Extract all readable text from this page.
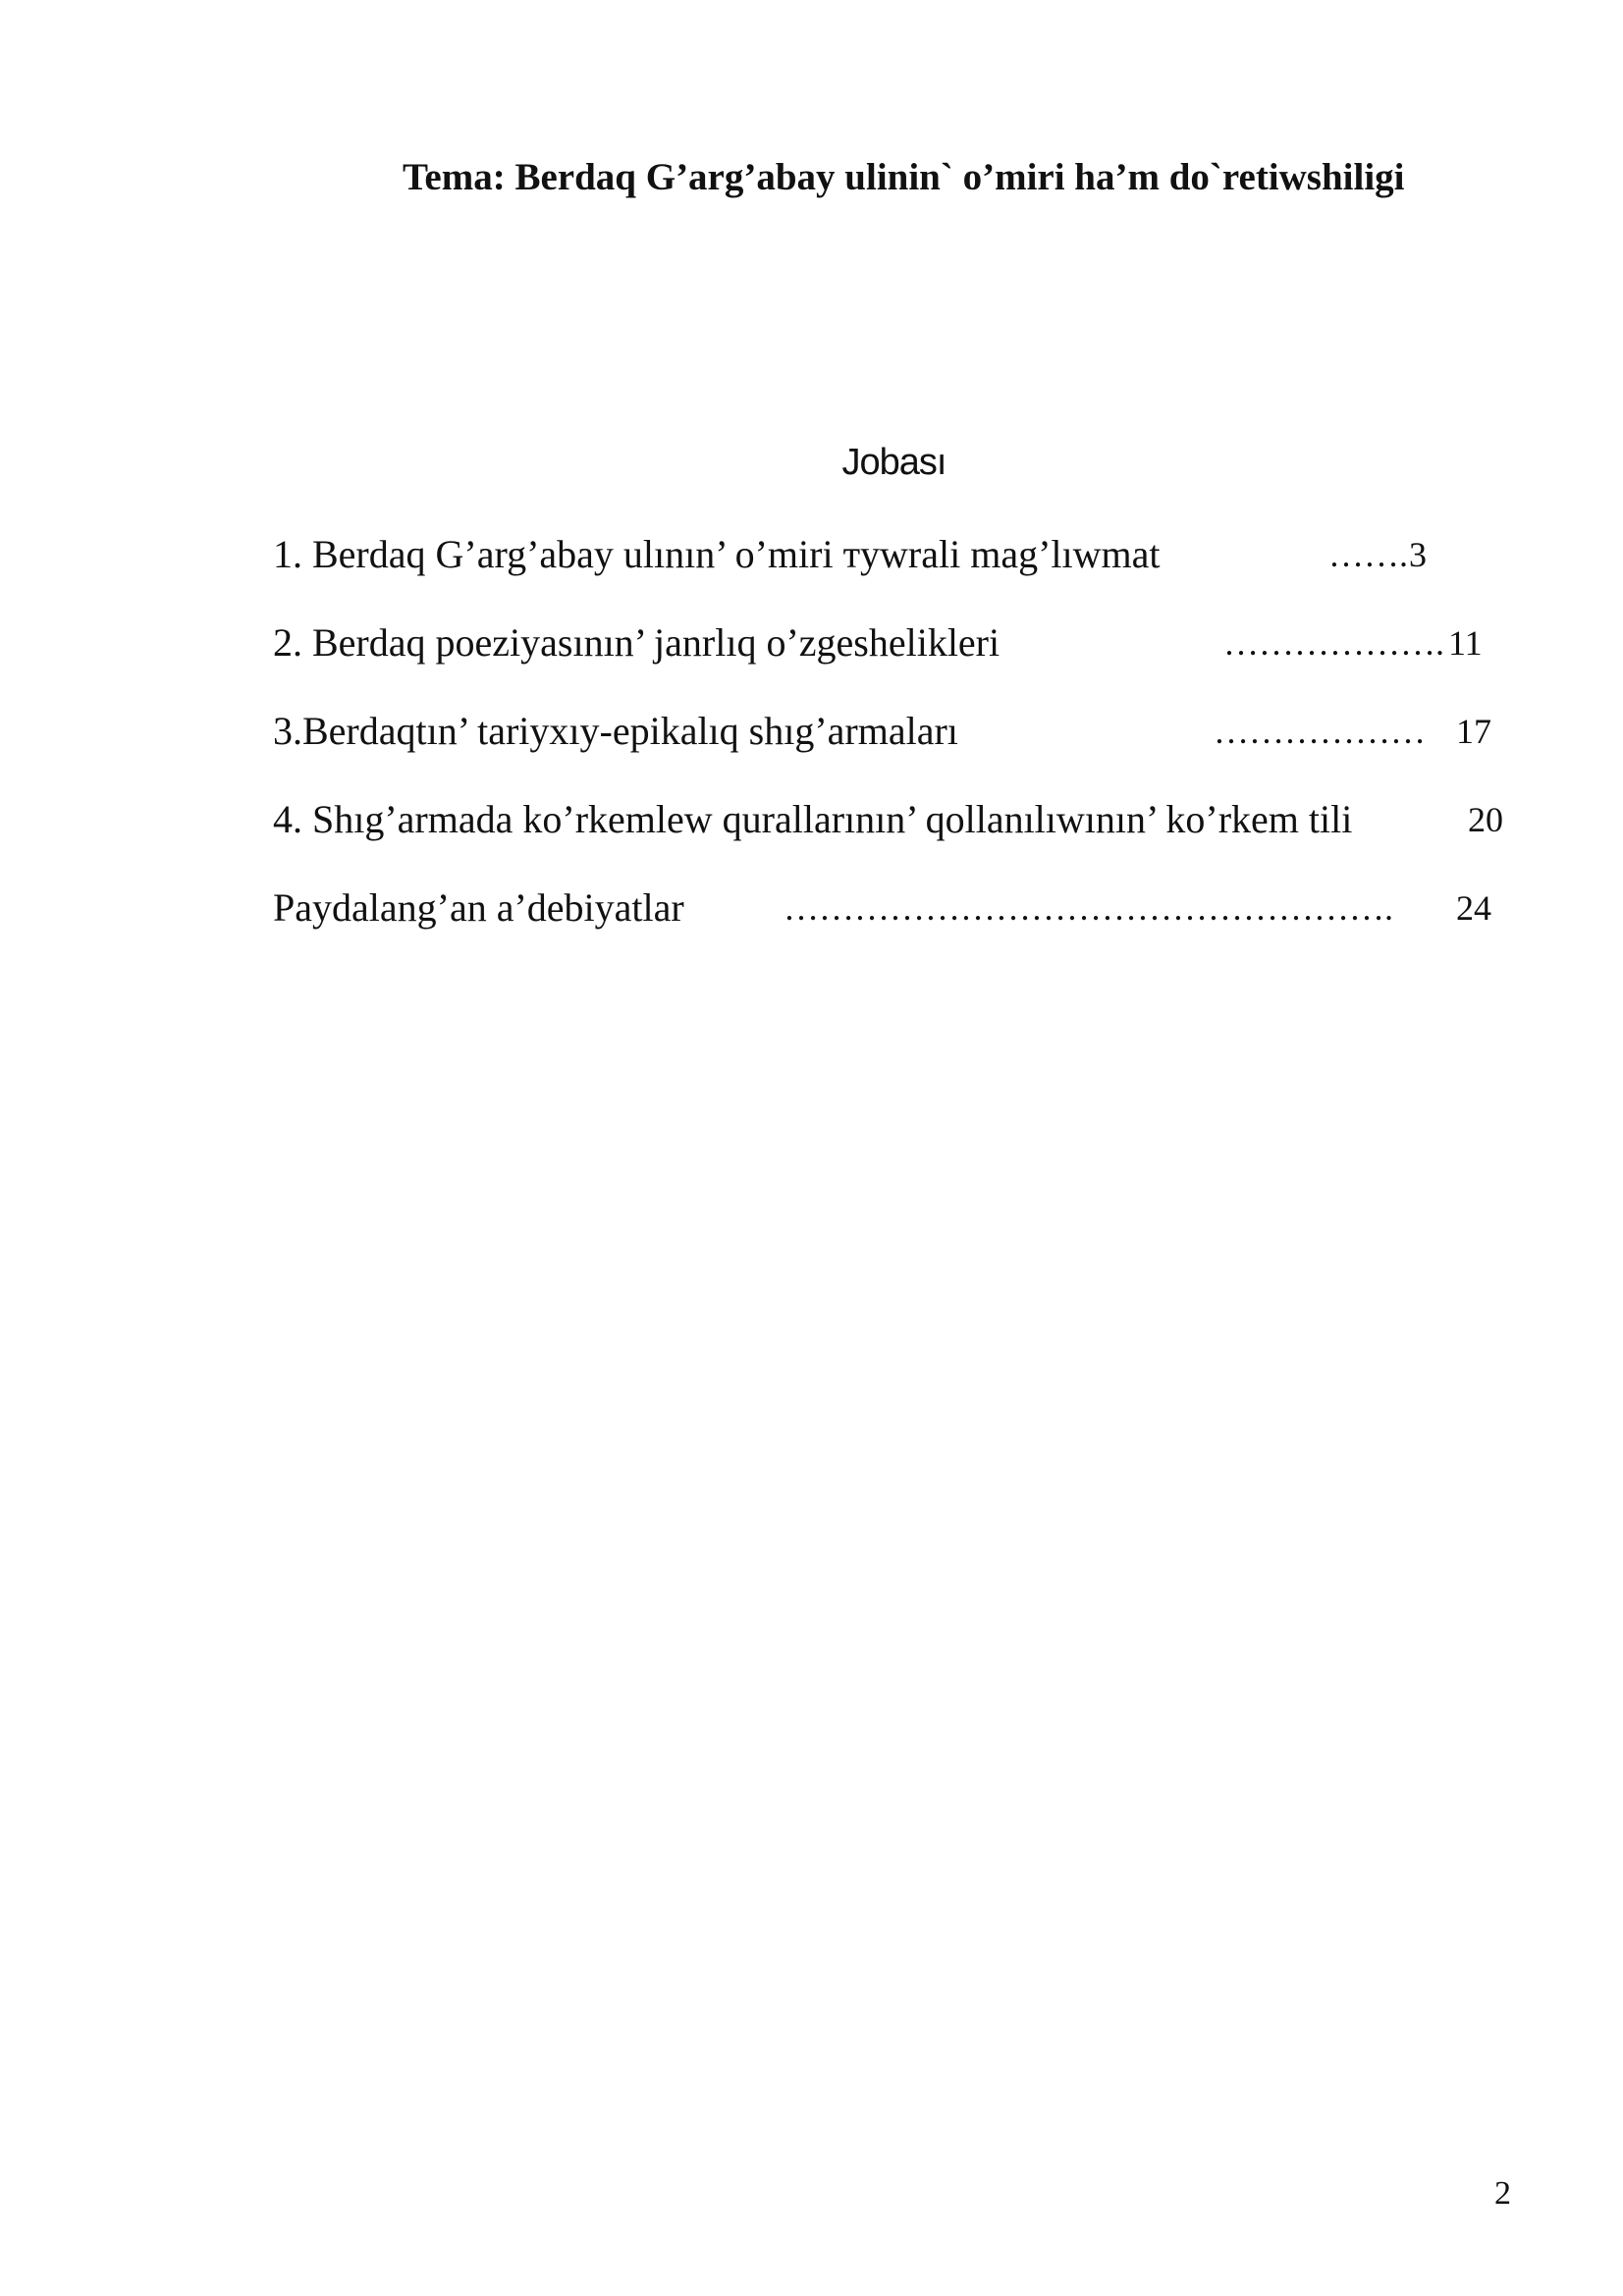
Tema: Berdaq G’arg’abay ulinin` o’miri ha’m do`retiwshiligi
Jobası
1. Berdaq G’arg’abay ulının’ o’miri тywrali mag’lıwmat	……. 3
2. Berdaq poeziyasının’ janrlıq o’zgeshelikleri	………………. 11
3.Berdaqtın’ tariyxıy-epikalıq shıg’armaları	……………… 17
4. Shıg’armada ko’rkemlew qurallarının’ qollanılıwının’ ko’rkem tili	20
Paydalang’an a’debiyatlar	……………………………………………. 24
2
